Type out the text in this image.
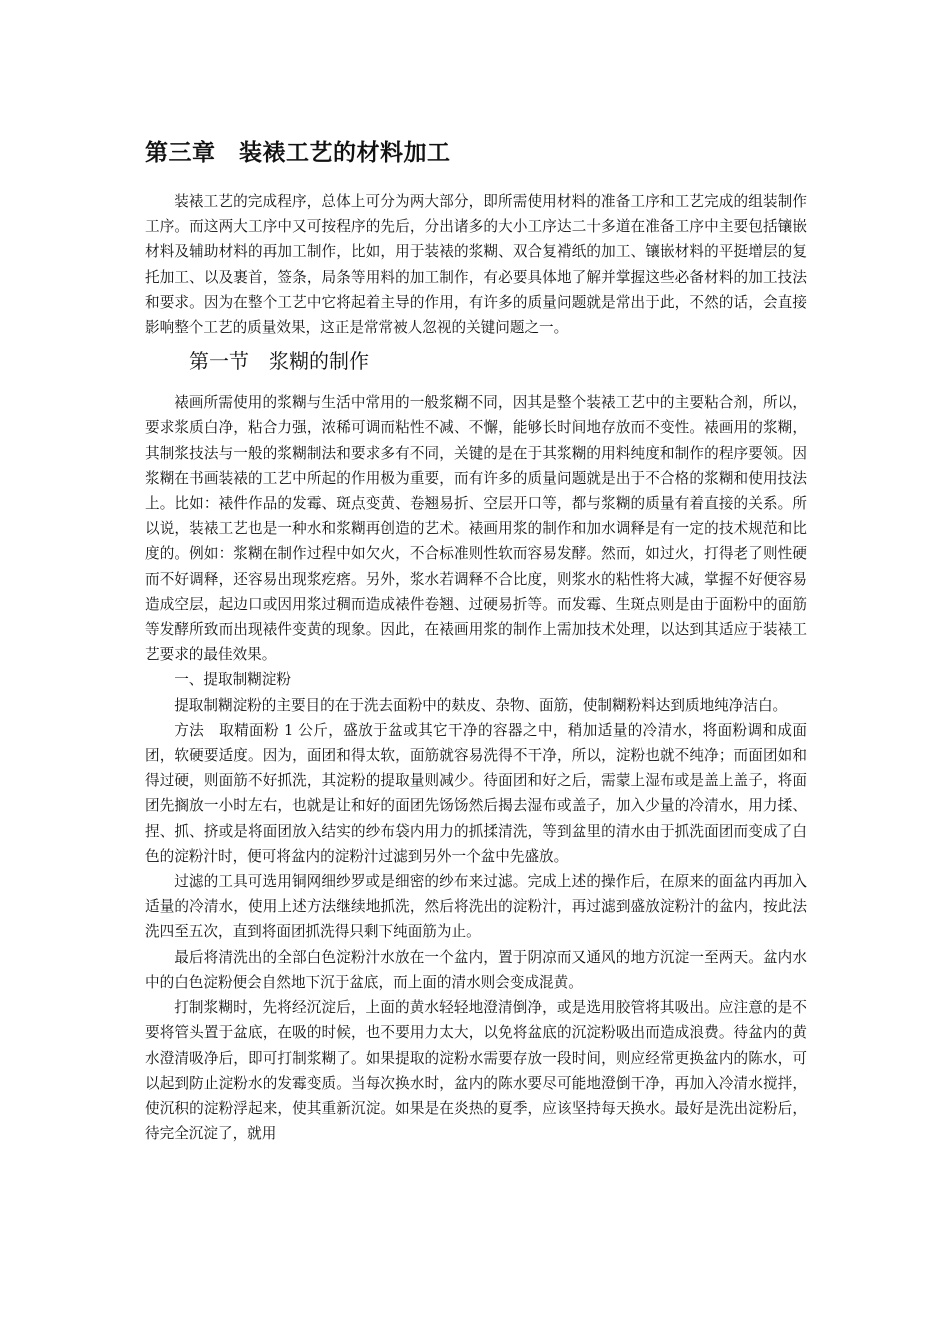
第三章　装裱工艺的材料加工

装裱工艺的完成程序，总体上可分为两大部分，即所需使用材料的准备工序和工艺完成的组装制作工序。而这两大工序中又可按程序的先后，分出诸多的大小工序达二十多道在准备工序中主要包括镶嵌材料及辅助材料的再加工制作，比如，用于装裱的浆糊、双合复褙纸的加工、镶嵌材料的平挺增层的复托加工、以及裹首，签条，局条等用料的加工制作，有必要具体地了解并掌握这些必备材料的加工技法和要求。因为在整个工艺中它将起着主导的作用，有许多的质量问题就是常出于此，不然的话，会直接影响整个工艺的质量效果，这正是常常被人忽视的关键问题之一。

第一节　浆糊的制作

裱画所需使用的浆糊与生活中常用的一般浆糊不同，因其是整个装裱工艺中的主要粘合剂，所以，要求浆质白净，粘合力强，浓稀可调而粘性不减、不懈，能够长时间地存放而不变性。裱画用的浆糊，其制浆技法与一般的浆糊制法和要求多有不同，关键的是在于其浆糊的用料纯度和制作的程序要领。因浆糊在书画装裱的工艺中所起的作用极为重要，而有许多的质量问题就是出于不合格的浆糊和使用技法上。比如：裱件作品的发霉、斑点变黄、卷翘易折、空层开口等，都与浆糊的质量有着直接的关系。所以说，装裱工艺也是一种水和浆糊再创造的艺术。裱画用浆的制作和加水调释是有一定的技术规范和比度的。例如：浆糊在制作过程中如欠火，不合标准则性软而容易发酵。然而，如过火，打得老了则性硬而不好调释，还容易出现浆疙瘩。另外，浆水若调释不合比度，则浆水的粘性将大减，掌握不好便容易造成空层，起边口或因用浆过稠而造成裱件卷翘、过硬易折等。而发霉、生斑点则是由于面粉中的面筋等发酵所致而出现裱件变黄的现象。因此，在裱画用浆的制作上需加技术处理，以达到其适应于装裱工艺要求的最佳效果。

一、提取制糊淀粉

提取制糊淀粉的主要目的在于洗去面粉中的麸皮、杂物、面筋，使制糊粉料达到质地纯净洁白。

方法　取精面粉 1 公斤，盛放于盆或其它干净的容器之中，稍加适量的冷清水，将面粉调和成面团，软硬要适度。因为，面团和得太软，面筋就容易洗得不干净，所以，淀粉也就不纯净；而面团如和得过硬，则面筋不好抓洗，其淀粉的提取量则减少。待面团和好之后，需蒙上湿布或是盖上盖子，将面团先搁放一小时左右，也就是让和好的面团先饧饧然后揭去湿布或盖子，加入少量的冷清水，用力揉、捏、抓、挤或是将面团放入结实的纱布袋内用力的抓揉清洗，等到盆里的清水由于抓洗面团而变成了白色的淀粉汁时，便可将盆内的淀粉汁过滤到另外一个盆中先盛放。

过滤的工具可选用铜网细纱罗或是细密的纱布来过滤。完成上述的操作后，在原来的面盆内再加入适量的冷清水，使用上述方法继续地抓洗，然后将洗出的淀粉汁，再过滤到盛放淀粉汁的盆内，按此法洗四至五次，直到将面团抓洗得只剩下纯面筋为止。

最后将清洗出的全部白色淀粉汁水放在一个盆内，置于阴凉而又通风的地方沉淀一至两天。盆内水中的白色淀粉便会自然地下沉于盆底，而上面的清水则会变成混黄。

打制浆糊时，先将经沉淀后，上面的黄水轻轻地澄清倒净，或是选用胶管将其吸出。应注意的是不要将管头置于盆底，在吸的时候，也不要用力太大，以免将盆底的沉淀粉吸出而造成浪费。待盆内的黄水澄清吸净后，即可打制浆糊了。如果提取的淀粉水需要存放一段时间，则应经常更换盆内的陈水，可以起到防止淀粉水的发霉变质。当每次换水时，盆内的陈水要尽可能地澄倒干净，再加入冷清水搅拌，使沉积的淀粉浮起来，使其重新沉淀。如果是在炎热的夏季，应该坚持每天换水。最好是洗出淀粉后，待完全沉淀了，就用
